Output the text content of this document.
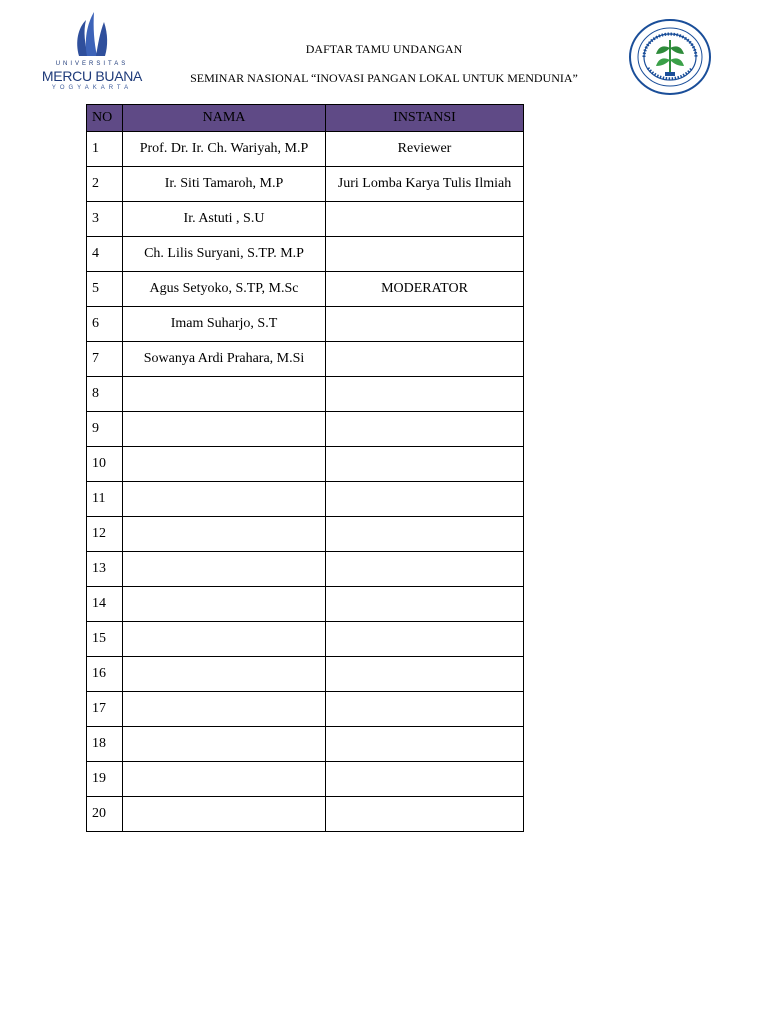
UNIVERSITAS
MERCU BUANA
YOGYAKARTA
DAFTAR TAMU UNDANGAN
SEMINAR NASIONAL “INOVASI PANGAN LOKAL UNTUK MENDUNIA”
NO	NAMA	INSTANSI
1	Prof. Dr. Ir. Ch. Wariyah, M.P	Reviewer
2	Ir. Siti Tamaroh, M.P	Juri Lomba Karya Tulis Ilmiah
3	Ir. Astuti , S.U	
4	Ch. Lilis Suryani, S.TP. M.P	
5	Agus Setyoko, S.TP, M.Sc	MODERATOR
6	Imam Suharjo, S.T	
7	Sowanya Ardi Prahara, M.Si	
8		
9		
10		
11		
12		
13		
14		
15		
16		
17		
18		
19		
20		
